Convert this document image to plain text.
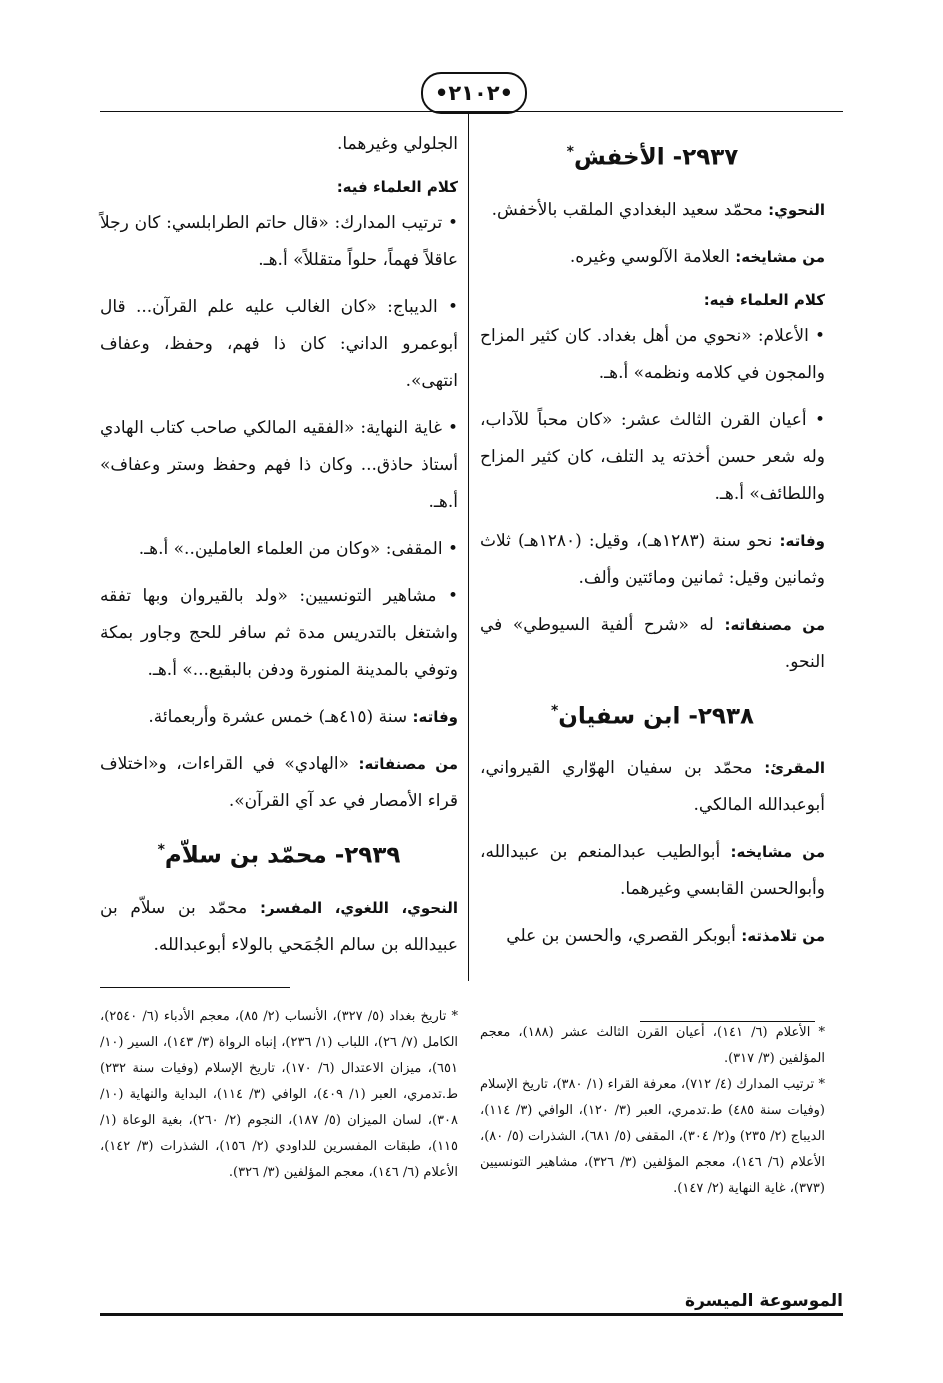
•٢١٠٢•
٢٩٣٧- الأخفش*

النحوي: محمّد سعيد البغدادي الملقب بالأخفش.

من مشايخه: العلامة الآلوسي وغيره.

كلام العلماء فيه:

• الأعلام: «نحوي من أهل بغداد. كان كثير المزاح والمجون في كلامه ونظمه» أ.هـ.

• أعيان القرن الثالث عشر: «كان محباً للآداب، وله شعر حسن أخذته يد التلف، كان كثير المزاح واللطائف» أ.هـ.

وفاته: نحو سنة (١٢٨٣هـ)، وقيل: (١٢٨٠هـ) ثلاث وثمانين وقيل: ثمانين ومائتين وألف.

من مصنفاته: له «شرح ألفية السيوطي» في النحو.

٢٩٣٨- ابن سفيان*

المقرئ: محمّد بن سفيان الهوّاري القيرواني، أبوعبدالله المالكي.

من مشايخه: أبوالطيب عبدالمنعم بن عبيدالله، وأبوالحسن القابسي وغيرهما.

من تلامذته: أبوبكر القصري، والحسن بن علي

الجلولي وغيرهما.

كلام العلماء فيه:

• ترتيب المدارك: «قال حاتم الطرابلسي: كان رجلاً عاقلاً فهماً، حلواً متقللاً» أ.هـ.

• الديباج: «كان الغالب عليه علم القرآن... قال أبوعمرو الداني: كان ذا فهم، وحفظ، وعفاف انتهى».

• غاية النهاية: «الفقيه المالكي صاحب كتاب الهادي أستاذ حاذق... وكان ذا فهم وحفظ وستر وعفاف» أ.هـ.

• المقفى: «وكان من العلماء العاملين..» أ.هـ.

• مشاهير التونسيين: «ولد بالقيروان وبها تفقه واشتغل بالتدريس مدة ثم سافر للحج وجاور بمكة وتوفي بالمدينة المنورة ودفن بالبقيع...» أ.هـ.

وفاته: سنة (٤١٥هـ) خمس عشرة وأربعمائة.

من مصنفاته: «الهادي» في القراءات، و«اختلاف قراء الأمصار في عد آي القرآن».

٢٩٣٩- محمّد بن سلاّم*

النحوي، اللغوي، المفسر: محمّد بن سلاّم بن عبيدالله بن سالم الجُمَحي بالولاء أبوعبدالله.

* الأعلام (٦/ ١٤١)، أعيان القرن الثالث عشر (١٨٨)، معجم المؤلفين (٣/ ٣١٧).

* ترتيب المدارك (٤/ ٧١٢)، معرفة القراء (١/ ٣٨٠)، تاريخ الإسلام (وفيات سنة ٤٨٥) ط.تدمري، العبر (٣/ ١٢٠)، الوافي (٣/ ١١٤)، الديباج (٢/ ٢٣٥) و(٢/ ٣٠٤)، المقفى (٥/ ٦٨١)، الشذرات (٥/ ٨٠)، الأعلام (٦/ ١٤٦)، معجم المؤلفين (٣/ ٣٢٦)، مشاهير التونسيين (٣٧٣)، غاية النهاية (٢/ ١٤٧).

* تاريخ بغداد (٥/ ٣٢٧)، الأنساب (٢/ ٨٥)، معجم الأدباء (٦/ ٢٥٤٠)، الكامل (٧/ ٢٦)، اللباب (١/ ٢٣٦)، إنباه الرواة (٣/ ١٤٣)، السير (١٠/ ٦٥١)، ميزان الاعتدال (٦/ ١٧٠)، تاريخ الإسلام (وفيات سنة ٢٣٢) ط.تدمري، العبر (١/ ٤٠٩)، الوافي (٣/ ١١٤)، البداية والنهاية (١٠/ ٣٠٨)، لسان الميزان (٥/ ١٨٧)، النجوم (٢/ ٢٦٠)، بغية الوعاة (١/ ١١٥)، طبقات المفسرين للداودي (٢/ ١٥٦)، الشذرات (٣/ ١٤٢)، الأعلام (٦/ ١٤٦)، معجم المؤلفين (٣/ ٣٢٦).

الموسوعة الميسرة
